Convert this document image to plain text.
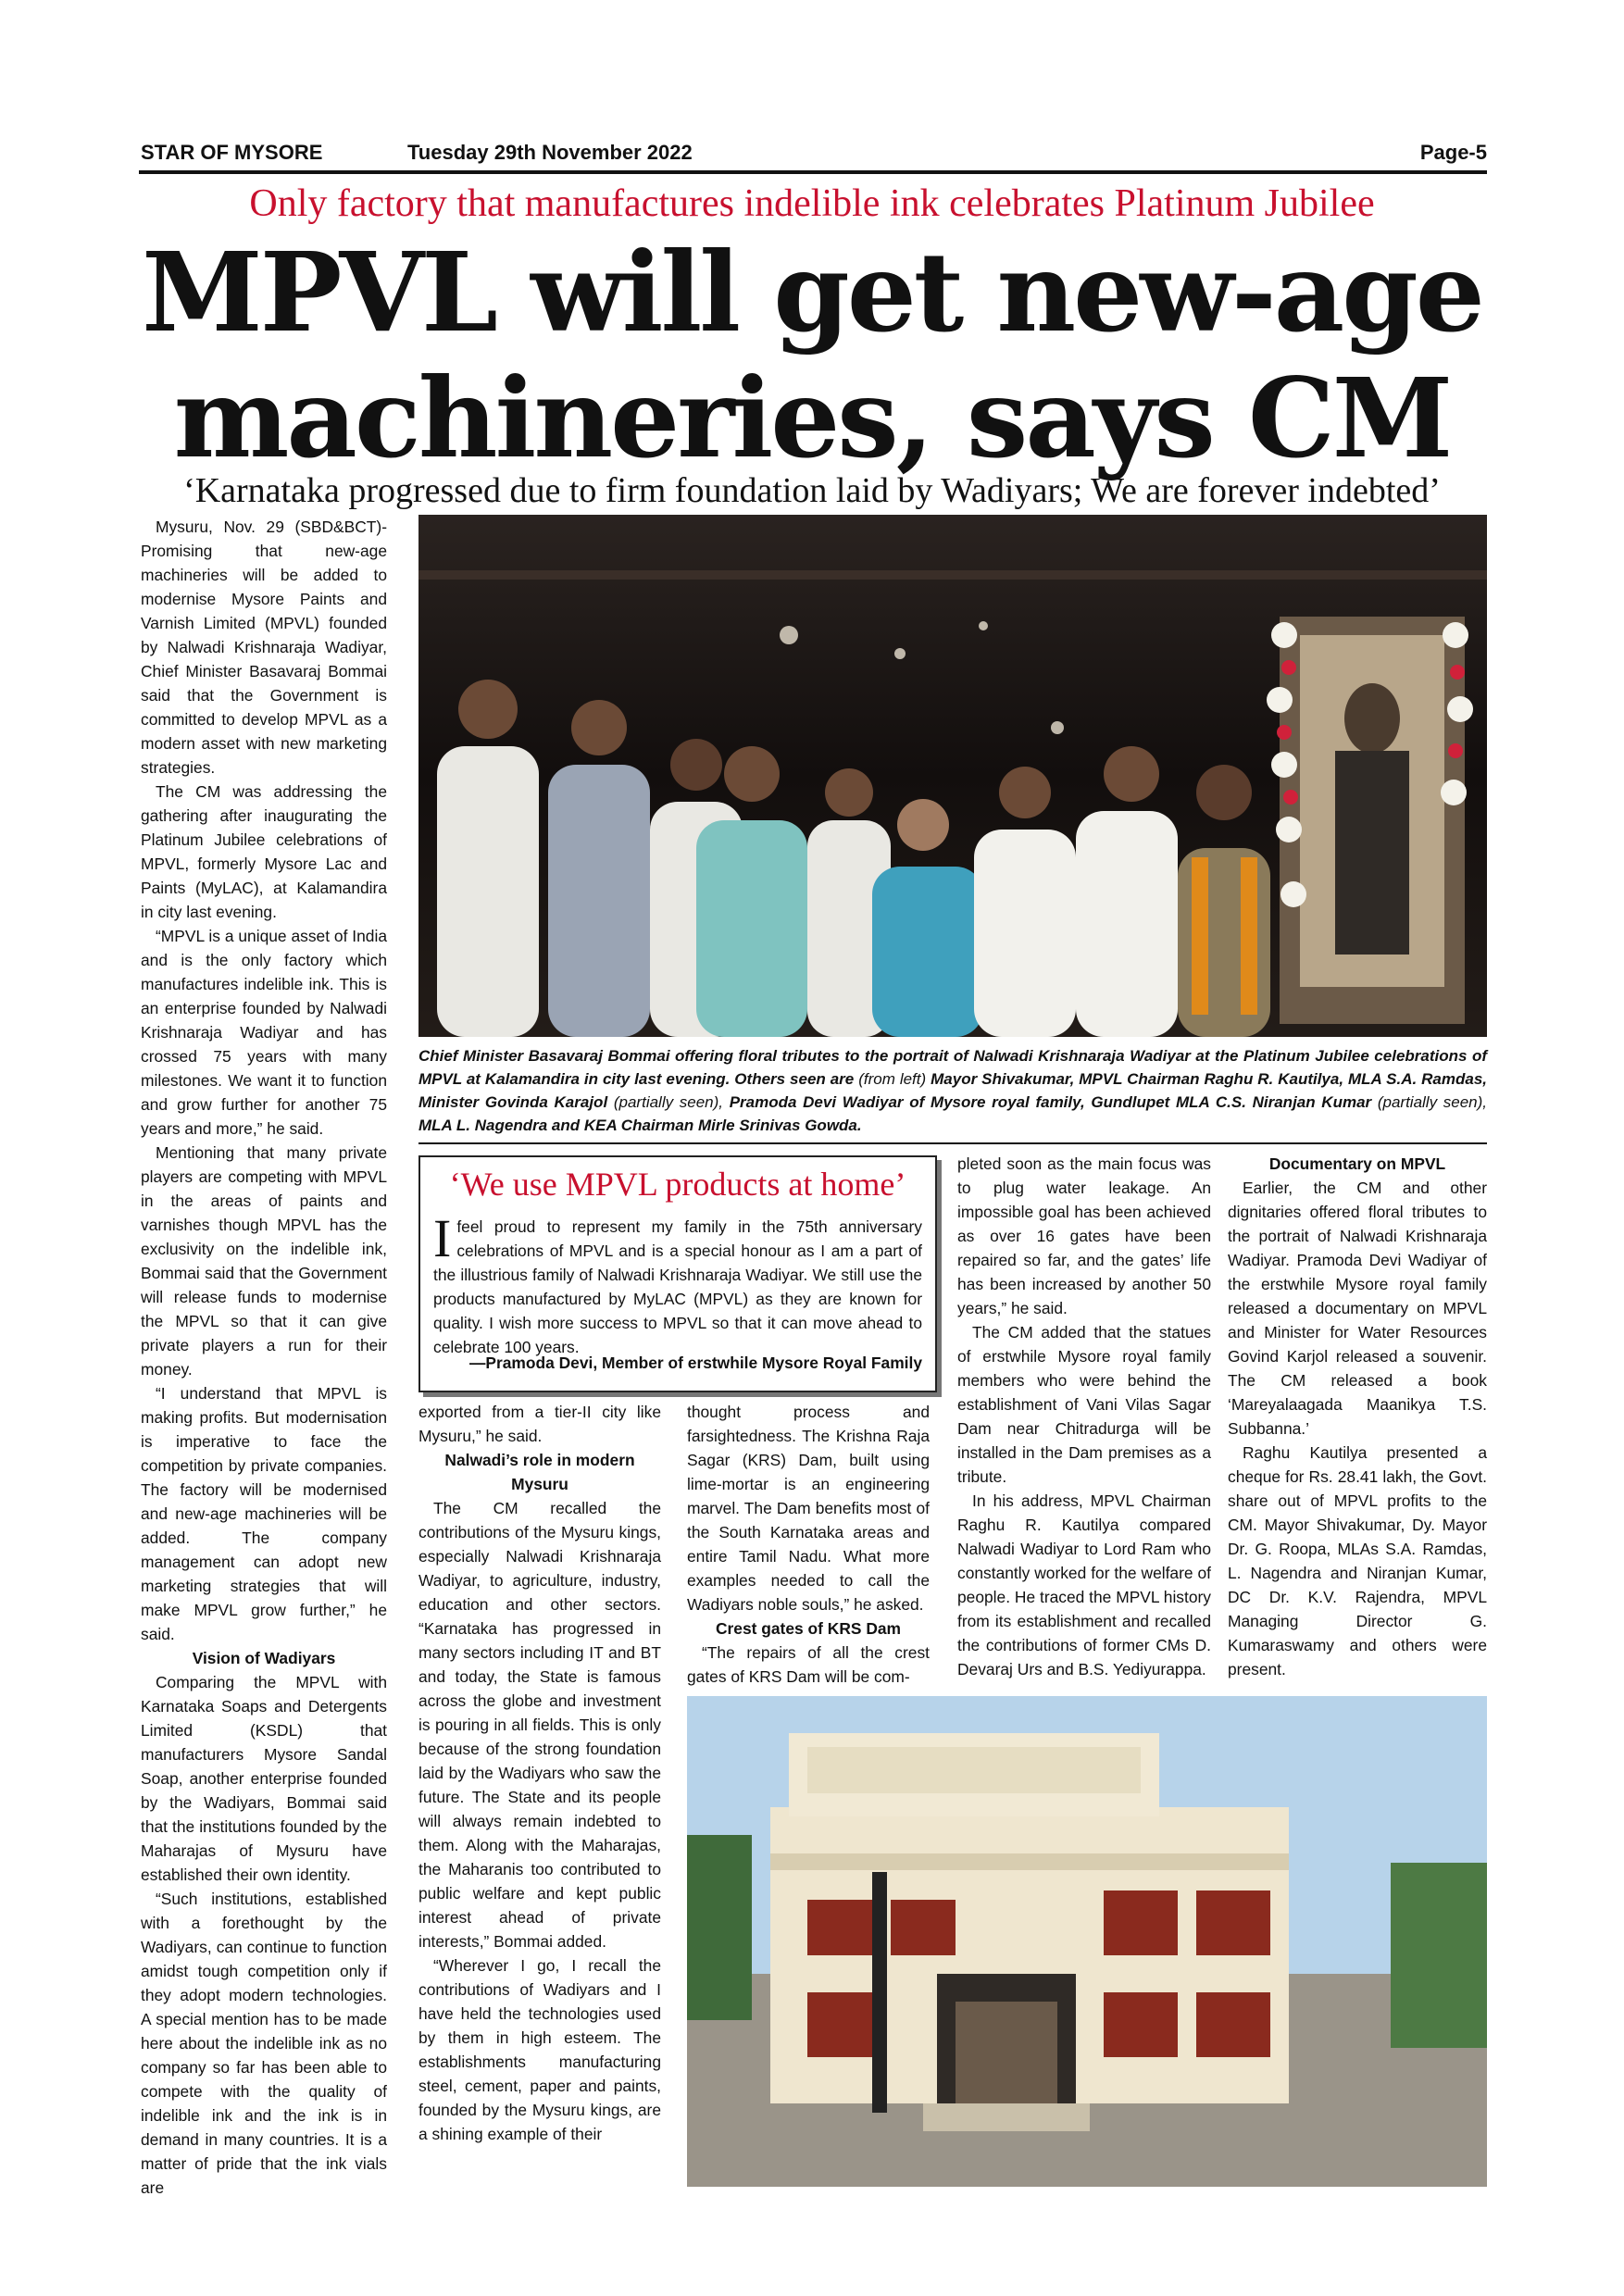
STAR OF MYSORE	Tuesday 29th November 2022	Page-5
Only factory that manufactures indelible ink celebrates Platinum Jubilee
MPVL will get new-age
machineries, says CM
‘Karnataka progressed due to firm foundation laid by Wadiyars; We are forever indebted’

Mysuru, Nov. 29 (SBD&BCT)- Promising that new-age machineries will be added to modernise Mysore Paints and Varnish Limited (MPVL) founded by Nalwadi Krishnaraja Wadiyar, Chief Minister Basavaraj Bommai said that the Government is committed to develop MPVL as a modern asset with new marketing strategies.

The CM was addressing the gathering after inaugurating the Platinum Jubilee celebrations of MPVL, formerly Mysore Lac and Paints (MyLAC), at Kalamandira in city last evening.

“MPVL is a unique asset of India and is the only factory which manufactures indelible ink. This is an enterprise founded by Nalwadi Krishnaraja Wadiyar and has crossed 75 years with many milestones. We want it to function and grow further for another 75 years and more,” he said.

Mentioning that many private players are competing with MPVL in the areas of paints and varnishes though MPVL has the exclusivity on the indelible ink, Bommai said that the Government will release funds to modernise the MPVL so that it can give private players a run for their money.

“I understand that MPVL is making profits. But modernisation is imperative to face the competition by private companies. The factory will be modernised and new-age machineries will be added. The company management can adopt new marketing strategies that will make MPVL grow further,” he said.

Vision of Wadiyars

Comparing the MPVL with Karnataka Soaps and Detergents Limited (KSDL) that manufacturers Mysore Sandal Soap, another enterprise founded by the Wadiyars, Bommai said that the institutions founded by the Maharajas of Mysuru have established their own identity.

“Such institutions, established with a forethought by the Wadiyars, can continue to function amidst tough competition only if they adopt modern technologies. A special mention has to be made here about the indelible ink as no company so far has been able to compete with the quality of indelible ink and the ink is in demand in many countries. It is a matter of pride that the ink vials are

Chief Minister Basavaraj Bommai offering floral tributes to the portrait of Nalwadi Krishnaraja Wadiyar at the Platinum Jubilee celebrations of MPVL at Kalamandira in city last evening. Others seen are (from left) Mayor Shivakumar, MPVL Chairman Raghu R. Kautilya, MLA S.A. Ramdas, Minister Govinda Karajol (partially seen), Pramoda Devi Wadiyar of Mysore royal family, Gundlupet MLA C.S. Niranjan Kumar (partially seen), MLA L. Nagendra and KEA Chairman Mirle Srinivas Gowda.
‘We use MPVL products at home’
I feel proud to represent my family in the 75th anniversary celebrations of MPVL and is a special honour as I am a part of the illustrious family of Nalwadi Krishnaraja Wadiyar. We still use the products manufactured by MyLAC (MPVL) as they are known for quality. I wish more success to MPVL so that it can move ahead to celebrate 100 years.
—Pramoda Devi, Member of erstwhile Mysore Royal Family

exported from a tier-II city like Mysuru,” he said.

Nalwadi’s role in modern Mysuru

The CM recalled the contributions of the Mysuru kings, especially Nalwadi Krishnaraja Wadiyar, to agriculture, industry, education and other sectors. “Karnataka has progressed in many sectors including IT and BT and today, the State is famous across the globe and investment is pouring in all fields. This is only because of the strong foundation laid by the Wadiyars who saw the future. The State and its people will always remain indebted to them. Along with the Maharajas, the Maharanis too contributed to public welfare and kept public interest ahead of private interests,” Bommai added.

“Wherever I go, I recall the contributions of Wadiyars and I have held the technologies used by them in high esteem. The establishments manufacturing steel, cement, paper and paints, founded by the Mysuru kings, are a shining example of their

thought process and farsightedness. The Krishna Raja Sagar (KRS) Dam, built using lime-mortar is an engineering marvel. The Dam benefits most of the South Karnataka areas and entire Tamil Nadu. What more examples needed to call the Wadiyars noble souls,” he asked.

Crest gates of KRS Dam

“The repairs of all the crest gates of KRS Dam will be com-

pleted soon as the main focus was to plug water leakage. An impossible goal has been achieved as over 16 gates have been repaired so far, and the gates’ life has been increased by another 50 years,” he said.

The CM added that the statues of erstwhile Mysore royal family members who were behind the establishment of Vani Vilas Sagar Dam near Chitradurga will be installed in the Dam premises as a tribute.

In his address, MPVL Chairman Raghu R. Kautilya compared Nalwadi Wadiyar to Lord Ram who constantly worked for the welfare of people. He traced the MPVL history from its establishment and recalled the contributions of former CMs D. Devaraj Urs and B.S. Yediyurappa.

Documentary on MPVL

Earlier, the CM and other dignitaries offered floral tributes to the portrait of Nalwadi Krishnaraja Wadiyar. Pramoda Devi Wadiyar of the erstwhile Mysore royal family released a documentary on MPVL and Minister for Water Resources Govind Karjol released a souvenir. The CM released a book ‘Mareyalaagada Maanikya T.S. Subbanna.’

Raghu Kautilya presented a cheque for Rs. 28.41 lakh, the Govt. share out of MPVL profits to the CM. Mayor Shivakumar, Dy. Mayor Dr. G. Roopa, MLAs S.A. Ramdas, L. Nagendra and Niranjan Kumar, DC Dr. K.V. Rajendra, MPVL Managing Director G. Kumaraswamy and others were present.
